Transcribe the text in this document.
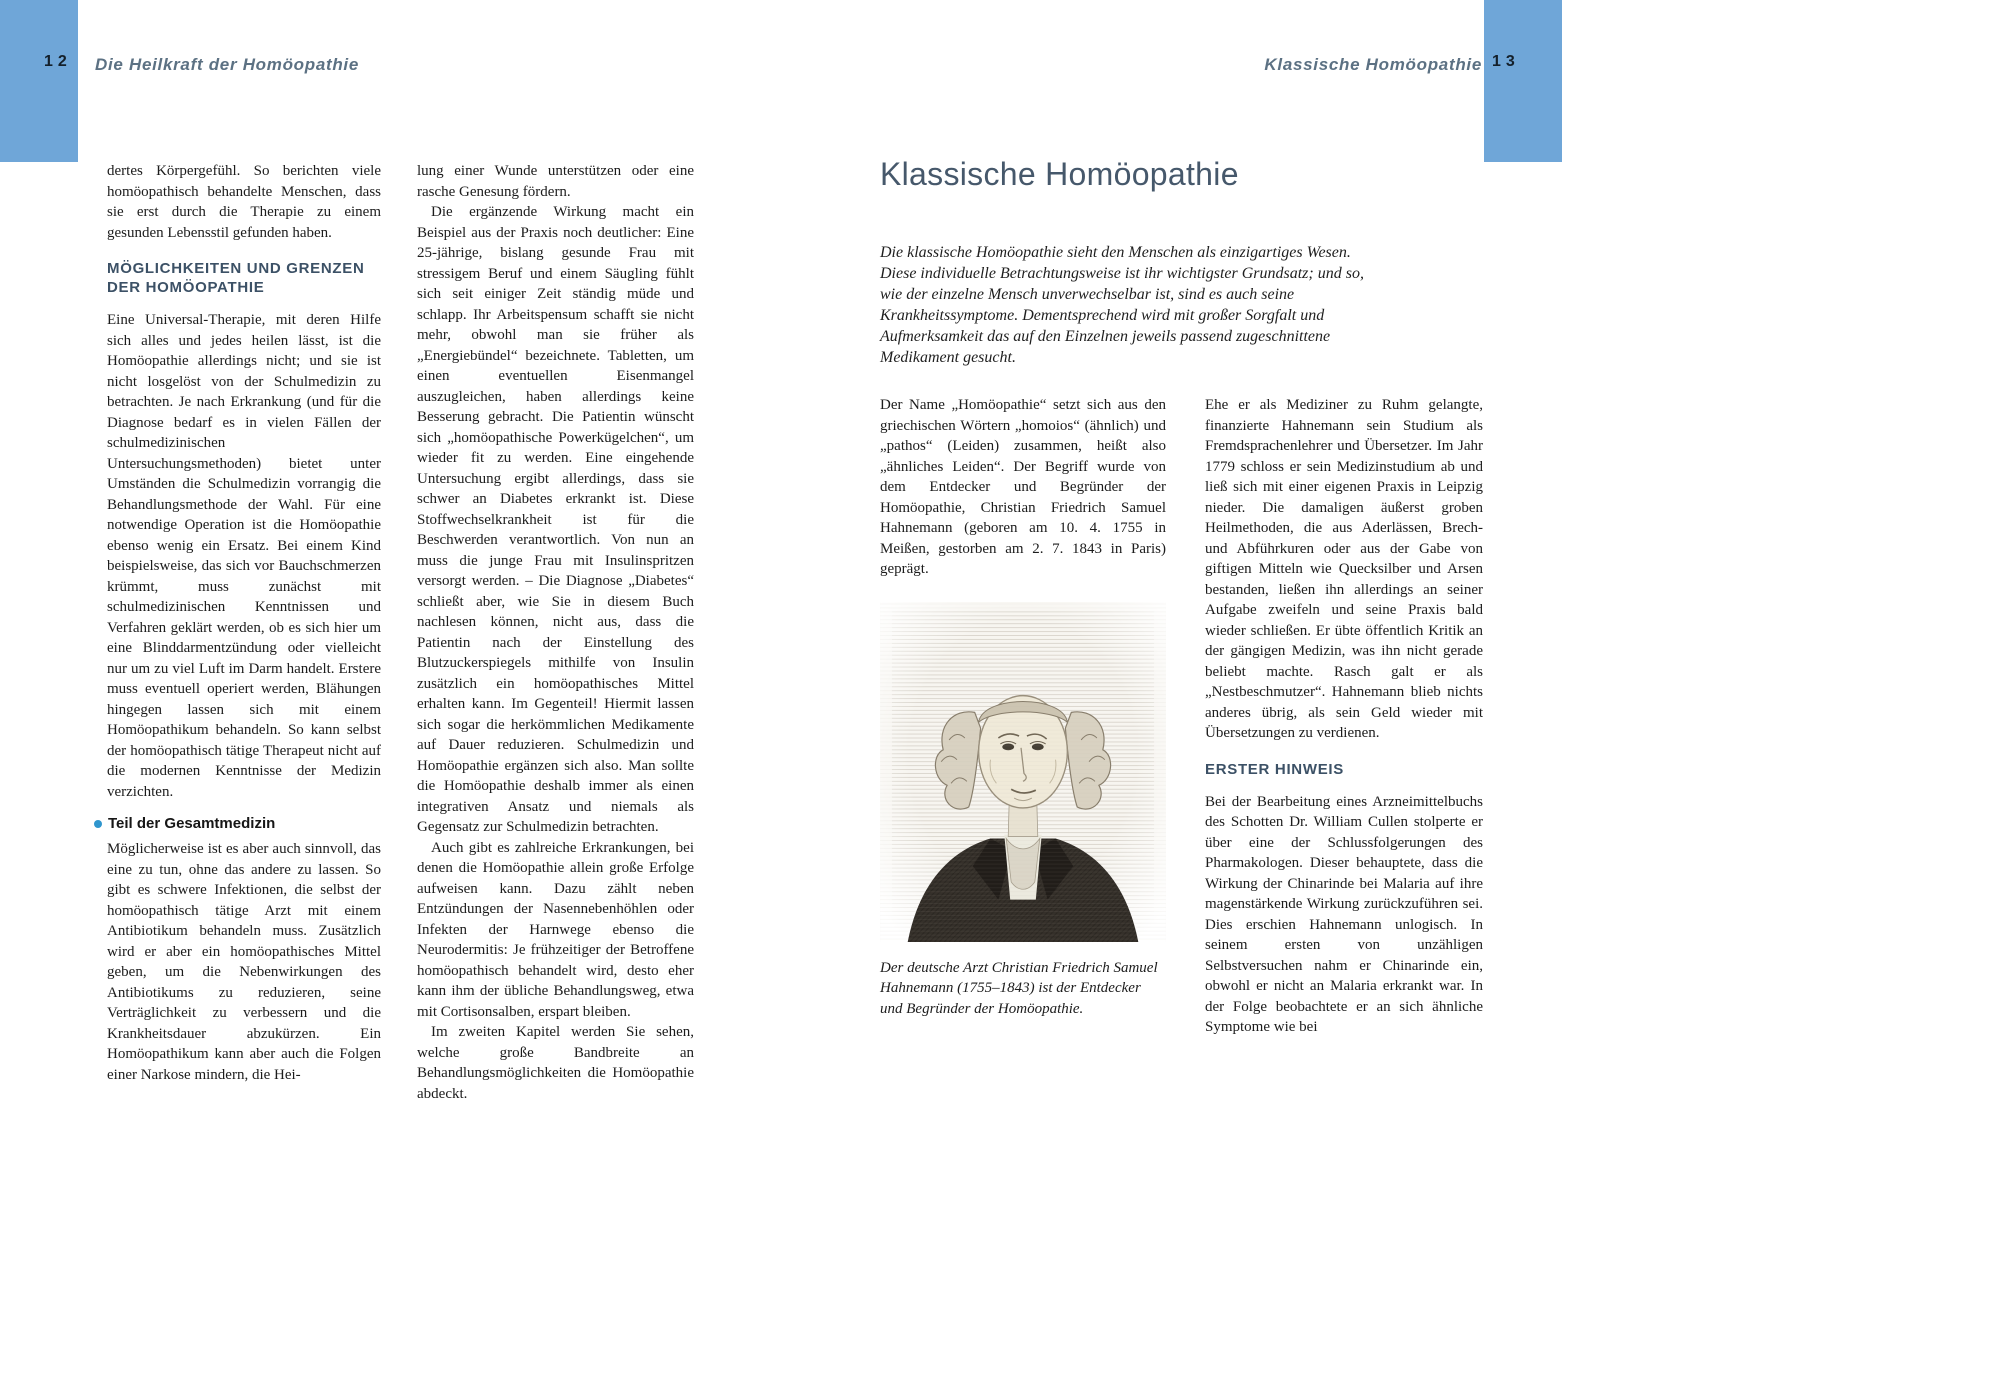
12 Die Heilkraft der Homöopathie	Klassische Homöopathie 13

dertes Körpergefühl. So berichten viele homöopathisch behandelte Menschen, dass sie erst durch die Therapie zu einem gesunden Lebensstil gefunden haben.

MÖGLICHKEITEN UND GRENZEN DER HOMÖOPATHIE

Eine Universal-Therapie, mit deren Hilfe sich alles und jedes heilen lässt, ist die Homöopathie allerdings nicht; und sie ist nicht losgelöst von der Schulmedizin zu betrachten. Je nach Erkrankung (und für die Diagnose bedarf es in vielen Fällen der schulmedizinischen Untersuchungsmethoden) bietet unter Umständen die Schulmedizin vorrangig die Behandlungsmethode der Wahl. Für eine notwendige Operation ist die Homöopathie ebenso wenig ein Ersatz. Bei einem Kind beispielsweise, das sich vor Bauchschmerzen krümmt, muss zunächst mit schulmedizinischen Kenntnissen und Verfahren geklärt werden, ob es sich hier um eine Blinddarmentzündung oder vielleicht nur um zu viel Luft im Darm handelt. Erstere muss eventuell operiert werden, Blähungen hingegen lassen sich mit einem Homöopathikum behandeln. So kann selbst der homöopathisch tätige Therapeut nicht auf die modernen Kenntnisse der Medizin verzichten.

Teil der Gesamtmedizin

Möglicherweise ist es aber auch sinnvoll, das eine zu tun, ohne das andere zu lassen. So gibt es schwere Infektionen, die selbst der homöopathisch tätige Arzt mit einem Antibiotikum behandeln muss. Zusätzlich wird er aber ein homöopathisches Mittel geben, um die Nebenwirkungen des Antibiotikums zu reduzieren, seine Verträglichkeit zu verbessern und die Krankheitsdauer abzukürzen. Ein Homöopathikum kann aber auch die Folgen einer Narkose mindern, die Hei-

lung einer Wunde unterstützen oder eine rasche Genesung fördern.

Die ergänzende Wirkung macht ein Beispiel aus der Praxis noch deutlicher: Eine 25-jährige, bislang gesunde Frau mit stressigem Beruf und einem Säugling fühlt sich seit einiger Zeit ständig müde und schlapp. Ihr Arbeitspensum schafft sie nicht mehr, obwohl man sie früher als „Energiebündel“ bezeichnete. Tabletten, um einen eventuellen Eisenmangel auszugleichen, haben allerdings keine Besserung gebracht. Die Patientin wünscht sich „homöopathische Powerkügelchen“, um wieder fit zu werden. Eine eingehende Untersuchung ergibt allerdings, dass sie schwer an Diabetes erkrankt ist. Diese Stoffwechselkrankheit ist für die Beschwerden verantwortlich. Von nun an muss die junge Frau mit Insulinspritzen versorgt werden. – Die Diagnose „Diabetes“ schließt aber, wie Sie in diesem Buch nachlesen können, nicht aus, dass die Patientin nach der Einstellung des Blutzuckerspiegels mithilfe von Insulin zusätzlich ein homöopathisches Mittel erhalten kann. Im Gegenteil! Hiermit lassen sich sogar die herkömmlichen Medikamente auf Dauer reduzieren. Schulmedizin und Homöopathie ergänzen sich also. Man sollte die Homöopathie deshalb immer als einen integrativen Ansatz und niemals als Gegensatz zur Schulmedizin betrachten.

Auch gibt es zahlreiche Erkrankungen, bei denen die Homöopathie allein große Erfolge aufweisen kann. Dazu zählt neben Entzündungen der Nasennebenhöhlen oder Infekten der Harnwege ebenso die Neurodermitis: Je frühzeitiger der Betroffene homöopathisch behandelt wird, desto eher kann ihm der übliche Behandlungsweg, etwa mit Cortisonsalben, erspart bleiben.

Im zweiten Kapitel werden Sie sehen, welche große Bandbreite an Behandlungsmöglichkeiten die Homöopathie abdeckt.

Klassische Homöopathie
Die klassische Homöopathie sieht den Menschen als einzigartiges Wesen. Diese individuelle Betrachtungsweise ist ihr wichtigster Grundsatz; und so, wie der einzelne Mensch unverwechselbar ist, sind es auch seine Krankheitssymptome. Dementsprechend wird mit großer Sorgfalt und Aufmerksamkeit das auf den Einzelnen jeweils passend zugeschnittene Medikament gesucht.

Der Name „Homöopathie“ setzt sich aus den griechischen Wörtern „homoios“ (ähnlich) und „pathos“ (Leiden) zusammen, heißt also „ähnliches Leiden“. Der Begriff wurde von dem Entdecker und Begründer der Homöopathie, Christian Friedrich Samuel Hahnemann (geboren am 10. 4. 1755 in Meißen, gestorben am 2. 7. 1843 in Paris) geprägt.

Der deutsche Arzt Christian Friedrich Samuel Hahnemann (1755–1843) ist der Entdecker und Begründer der Homöopathie.

Ehe er als Mediziner zu Ruhm gelangte, finanzierte Hahnemann sein Studium als Fremdsprachenlehrer und Übersetzer. Im Jahr 1779 schloss er sein Medizinstudium ab und ließ sich mit einer eigenen Praxis in Leipzig nieder. Die damaligen äußerst groben Heilmethoden, die aus Aderlässen, Brech- und Abführkuren oder aus der Gabe von giftigen Mitteln wie Quecksilber und Arsen bestanden, ließen ihn allerdings an seiner Aufgabe zweifeln und seine Praxis bald wieder schließen. Er übte öffentlich Kritik an der gängigen Medizin, was ihn nicht gerade beliebt machte. Rasch galt er als „Nestbeschmutzer“. Hahnemann blieb nichts anderes übrig, als sein Geld wieder mit Übersetzungen zu verdienen.

ERSTER HINWEIS

Bei der Bearbeitung eines Arzneimittelbuchs des Schotten Dr. William Cullen stolperte er über eine der Schlussfolgerungen des Pharmakologen. Dieser behauptete, dass die Wirkung der Chinarinde bei Malaria auf ihre magenstärkende Wirkung zurückzuführen sei. Dies erschien Hahnemann unlogisch. In seinem ersten von unzähligen Selbstversuchen nahm er Chinarinde ein, obwohl er nicht an Malaria erkrankt war. In der Folge beobachtete er an sich ähnliche Symptome wie bei
